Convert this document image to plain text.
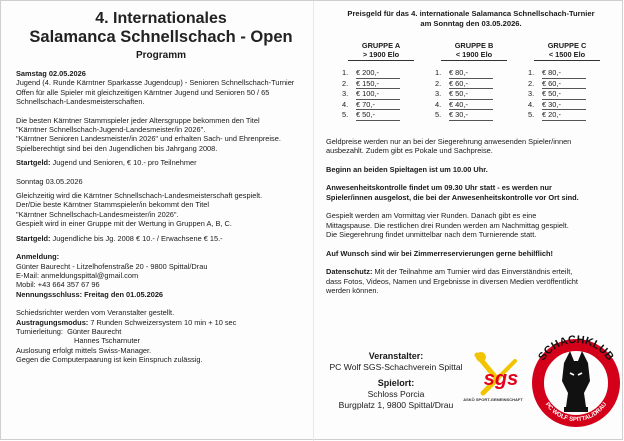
4. Internationales
Salamanca Schnellschach - Open
Programm
Samstag 02.05.2026
Jugend (4. Runde Kärntner Sparkasse Jugendcup) - Senioren Schnellschach-Turnier
Offen für alle Spieler mit gleichzeitigen Kärntner Jugend und Senioren 50 / 65
Schnellschach-Landesmeisterschaften.
Die besten Kärntner Stammspieler jeder Altersgruppe bekommen den Titel
"Kärntner Schnellschach-Jugend-Landesmeister/in 2026".
"Kärntner Senioren Landesmeister/in 2026" und erhalten Sach- und Ehrenpreise.
Spielberechtigt sind bei den Jugendlichen bis Jahrgang 2008.
Startgeld: Jugend und Senioren, € 10.- pro Teilnehmer
Sonntag 03.05.2026
Gleichzeitig wird die Kärntner Schnellschach-Landesmeisterschaft gespielt.
Der/Die beste Kärntner Stammspieler/in bekommt den Titel
"Kärntner Schnellschach-Landesmeister/in 2026".
Gespielt wird in einer Gruppe mit der Wertung in Gruppen A, B, C.
Startgeld: Jugendliche bis Jg. 2008 € 10.- / Erwachsene € 15.-
Anmeldung:
Günter Baurecht - Litzelhofenstraße 20 - 9800 Spittal/Drau
E-Mail: anmeldungspittal@gmail.com
Mobil: +43 664 357 67 96
Nennungsschluss: Freitag den 01.05.2026
Schiedsrichter werden vom Veranstalter gestellt.
Austragungsmodus: 7 Runden Schweizersystem 10 min + 10 sec
Turnierleitung: Günter Baurecht
Hannes Tscharnuter
Auslosung erfolgt mittels Swiss-Manager.
Gegen die Computerpaarung ist kein Einspruch zulässig.
Preisgeld für das 4. internationale Salamanca Schnellschach-Turnier
am Sonntag den 03.05.2026.
GRUPPE A
> 1900 Elo
1.	€ 200,-
2.	€ 150,-
3.	€ 100,-
4.	€ 70,-
5.	€ 50,-
GRUPPE B
< 1900 Elo
1.	€ 80,-
2.	€ 60,-
3.	€ 50,-
4.	€ 40,-
5.	€ 30,-
GRUPPE C
< 1500 Elo
1.	€ 80,-
2.	€ 60,-
3.	€ 50,-
4.	€ 30,-
5.	€ 20,-
Geldpreise werden nur an bei der Siegerehrung anwesenden Spieler/innen
ausbezahlt. Zudem gibt es Pokale und Sachpreise.
Beginn an beiden Spieltagen ist um 10.00 Uhr.
Anwesenheitskontrolle findet um 09.30 Uhr statt - es werden nur
Spieler/innen ausgelost, die bei der Anwesenheitskontrolle vor Ort sind.
Gespielt werden am Vormittag vier Runden. Danach gibt es eine
Mittagspause. Die restlichen drei Runden werden am Nachmittag gespielt.
Die Siegerehrung findet unmittelbar nach dem Turnierende statt.
Auf Wunsch sind wir bei Zimmerreservierungen gerne behilflich!
Datenschutz: Mit der Teilnahme am Turnier wird das Einverständnis erteilt,
dass Fotos, Videos, Namen und Ergebnisse in diversen Medien veröffentlicht
werden können.
Veranstalter:
PC Wolf SGS-Schachverein Spittal
Spielort:
Schloss Porcia
Burgplatz 1, 9800 Spittal/Drau
sgs
ASKÖ SPORT-GEMEINSCHAFT
SCHACHKLUB
PC WOLF SPITTAL/DRAU
